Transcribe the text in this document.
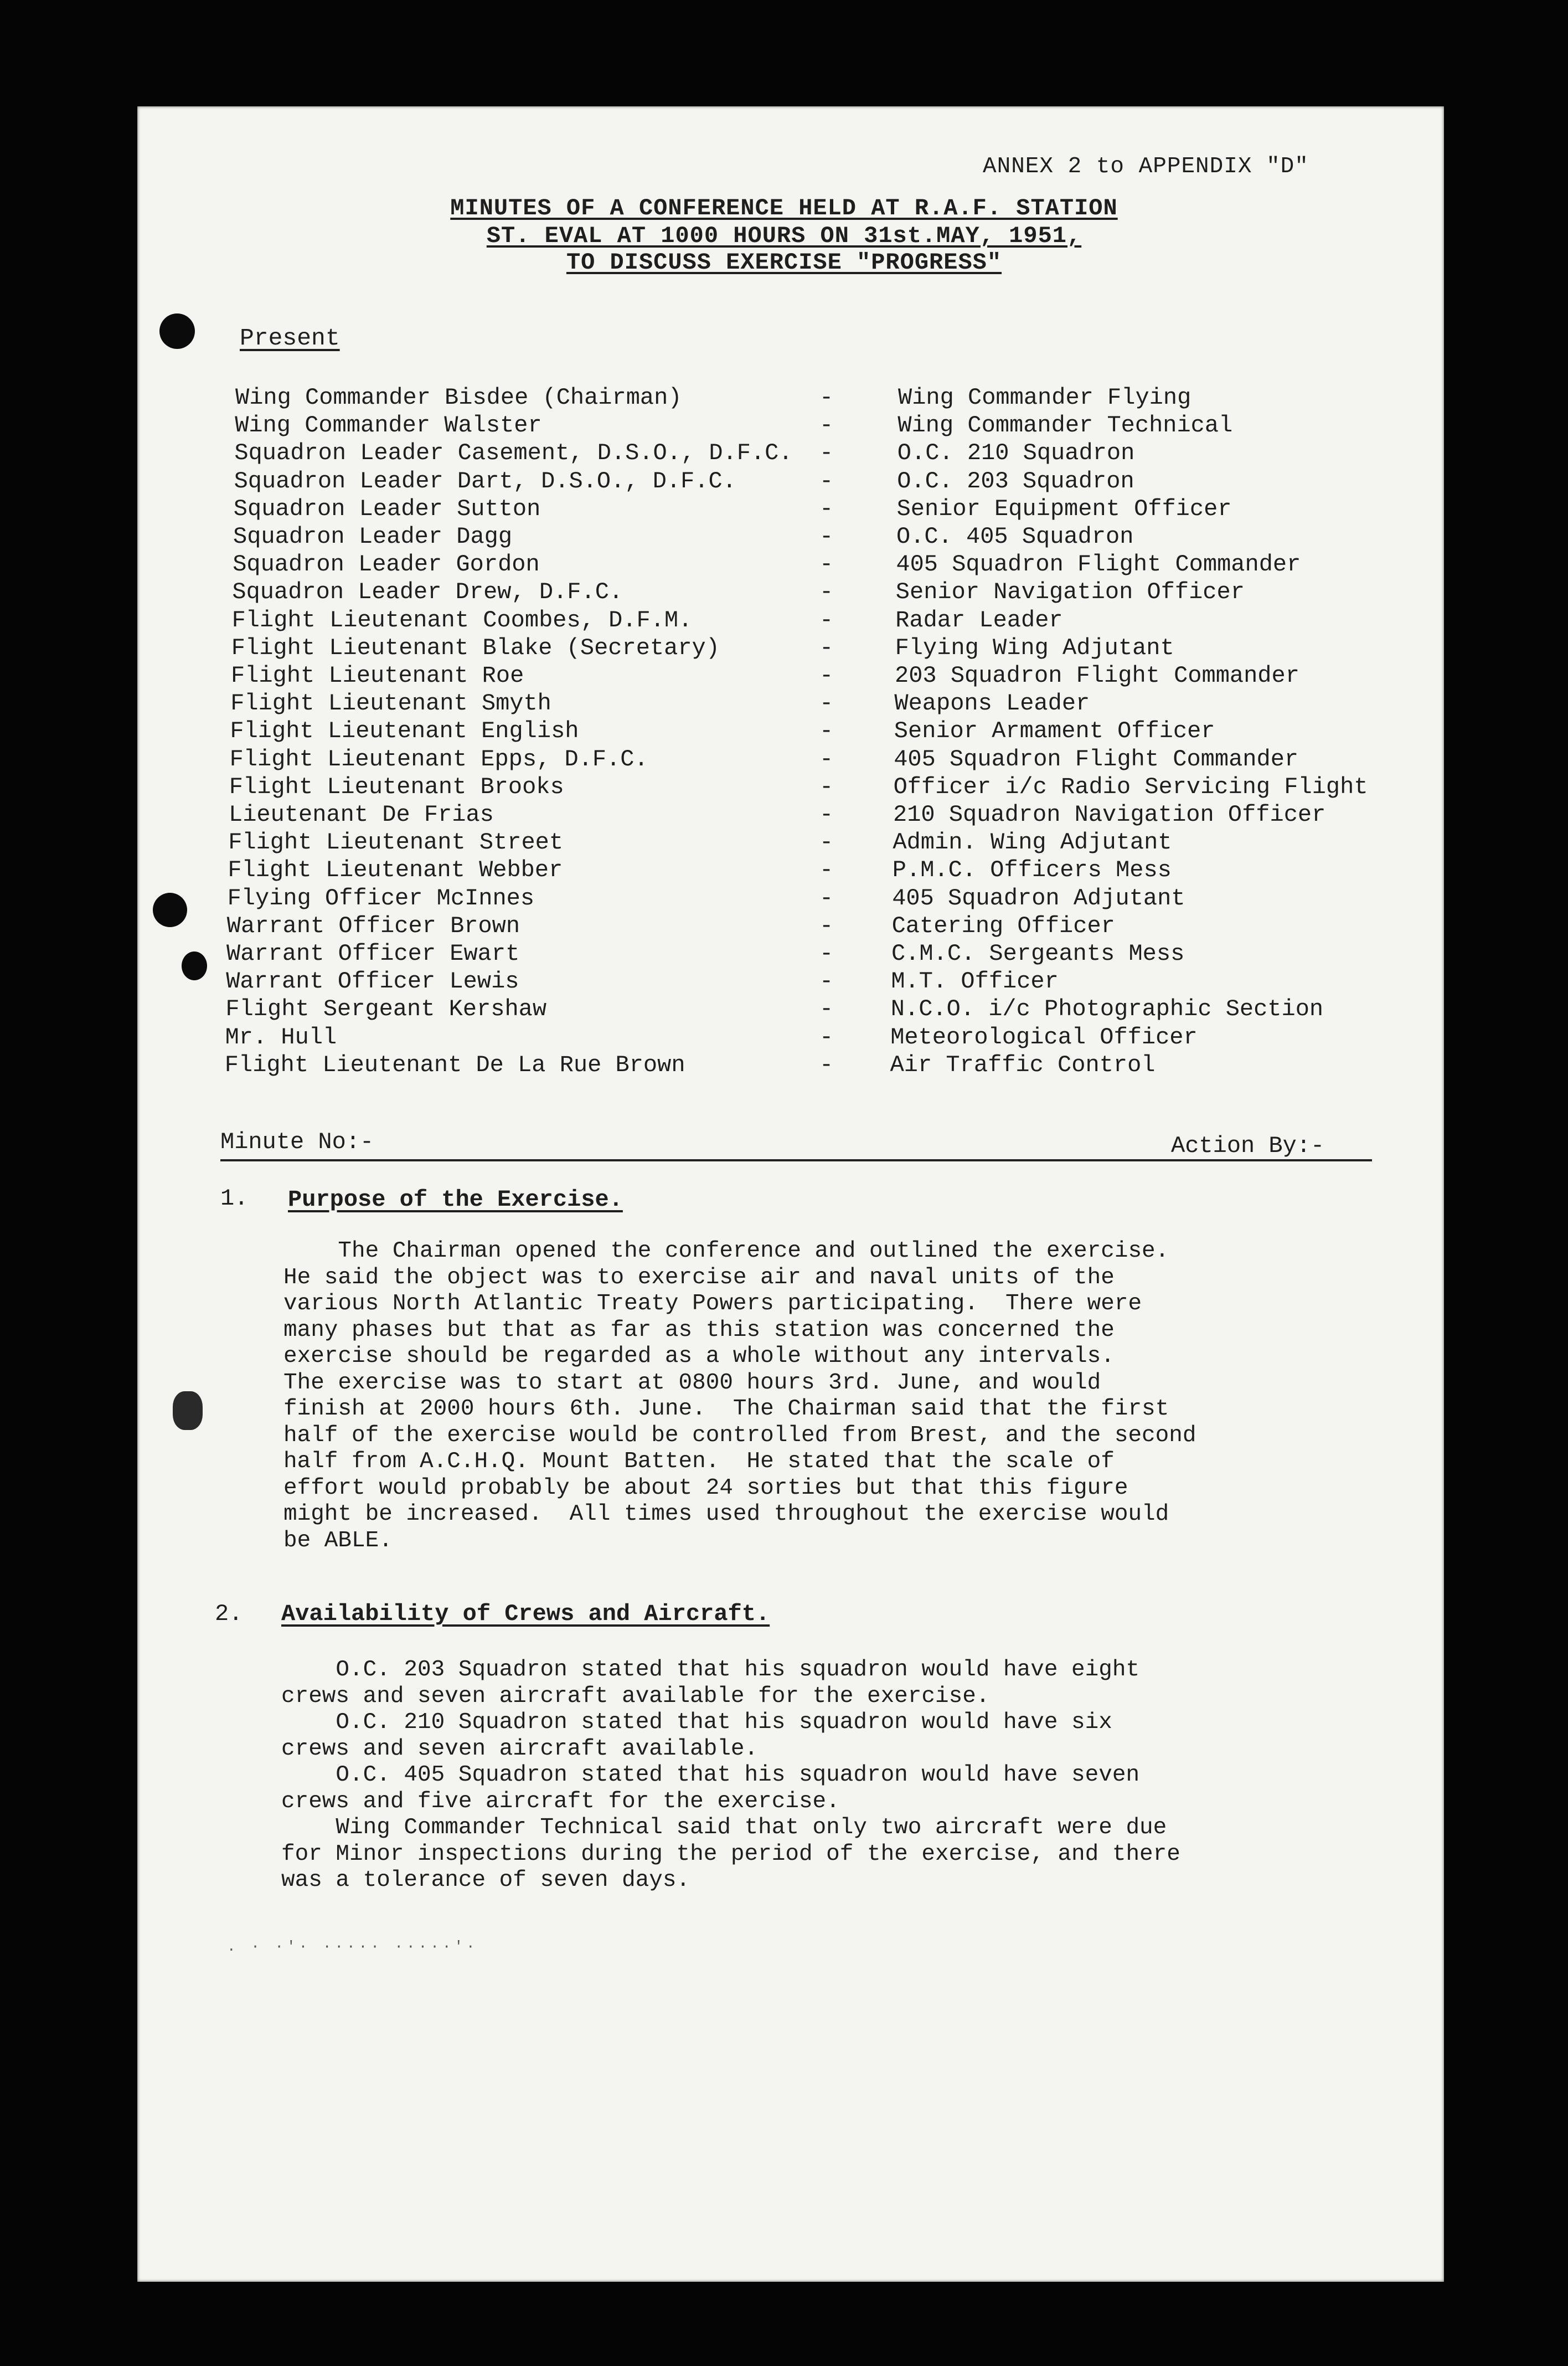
ANNEX 2 to APPENDIX "D"
MINUTES OF A CONFERENCE HELD AT R.A.F. STATION
ST. EVAL AT 1000 HOURS ON 31st.MAY, 1951,
TO DISCUSS EXERCISE "PROGRESS"
Present
Wing Commander Bisdee (Chairman)	-	Wing Commander Flying
Wing Commander Walster	-	Wing Commander Technical
Squadron Leader Casement, D.S.O., D.F.C. -	O.C. 210 Squadron
Squadron Leader Dart, D.S.O., D.F.C.	-	O.C. 203 Squadron
Squadron Leader Sutton	-	Senior Equipment Officer
Squadron Leader Dagg	-	O.C. 405 Squadron
Squadron Leader Gordon	-	405 Squadron Flight Commander
Squadron Leader Drew, D.F.C.	-	Senior Navigation Officer
Flight Lieutenant Coombes, D.F.M.	-	Radar Leader
Flight Lieutenant Blake (Secretary)	-	Flying Wing Adjutant
Flight Lieutenant Roe	-	203 Squadron Flight Commander
Flight Lieutenant Smyth	-	Weapons Leader
Flight Lieutenant English	-	Senior Armament Officer
Flight Lieutenant Epps, D.F.C.	-	405 Squadron Flight Commander
Flight Lieutenant Brooks	-	Officer i/c Radio Servicing Flight
Lieutenant De Frias	-	210 Squadron Navigation Officer
Flight Lieutenant Street	-	Admin. Wing Adjutant
Flight Lieutenant Webber	-	P.M.C. Officers Mess
Flying Officer McInnes	-	405 Squadron Adjutant
Warrant Officer Brown	-	Catering Officer
Warrant Officer Ewart	- C.M.C. Sergeants Mess
Warrant Officer Lewis	- M.T. Officer
Flight Sergeant Kershaw	- N.C.O. i/c Photographic Section
Mr. Hull	- Meteorological Officer
Flight Lieutenant De La Rue Brown	- Air Traffic Control
Minute No:-	Action By:-
1. Purpose of the Exercise.
The Chairman opened the conference and outlined the exercise.
He said the object was to exercise air and naval units of the
various North Atlantic Treaty Powers participating.  There were
many phases but that as far as this station was concerned the
exercise should be regarded as a whole without any intervals.
The exercise was to start at 0800 hours 3rd. June, and would
finish at 2000 hours 6th. June.  The Chairman said that the first
half of the exercise would be controlled from Brest, and the second
half from A.C.H.Q. Mount Batten.  He stated that the scale of
effort would probably be about 24 sorties but that this figure
might be increased.  All times used throughout the exercise would
be ABLE.
2. Availability of Crews and Aircraft.
O.C. 203 Squadron stated that his squadron would have eight
crews and seven aircraft available for the exercise.
O.C. 210 Squadron stated that his squadron would have six
crews and seven aircraft available.
O.C. 405 Squadron stated that his squadron would have seven
crews and five aircraft for the exercise.
Wing Commander Technical said that only two aircraft were due
for Minor inspections during the period of the exercise, and there
was a tolerance of seven days.
. · ·'· ····· ·····'·
